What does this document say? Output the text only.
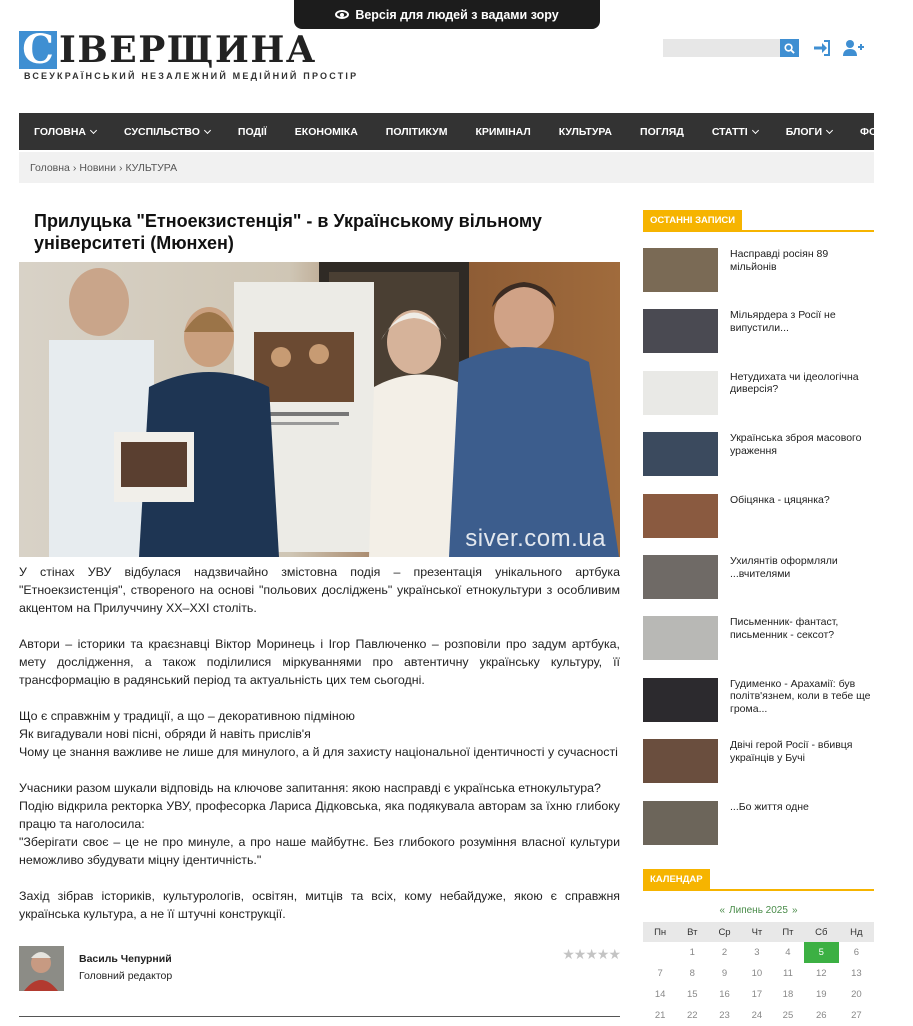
Версія для людей з вадами зору
С ІВЕРЩИНА
ВСЕУКРАЇНСЬКИЙ НЕЗАЛЕЖНИЙ МЕДІЙНИЙ ПРОСТІР
ГОЛОВНА	СУСПІЛЬСТВО	ПОДІЇ	ЕКОНОМІКА	ПОЛІТИКУМ	КРИМІНАЛ	КУЛЬТУРА	ПОГЛЯД	СТАТТІ	БЛОГИ	ФОРУМ
Головна › Новини › КУЛЬТУРА
Прилуцька "Етноекзистенція" - в Українському вільному університеті (Мюнхен)
siver.com.ua

У стінах УВУ відбулася надзвичайно змістовна подія – презентація унікального артбука "Етноекзистенція", створеного на основі "польових досліджень" української етнокультури з особливим акцентом на Прилуччину XX–XXI століть.

Автори – історики та краєзнавці Віктор Моринець і Ігор Павлюченко – розповіли про задум артбука, мету дослідження, а також поділилися міркуваннями про автентичну українську культуру, її трансформацію в радянський період та актуальність цих тем сьогодні.

Що є справжнім у традиції, а що – декоративною підміною
Як вигадували нові пісні, обряди й навіть прислів'я
Чому це знання важливе не лише для минулого, а й для захисту національної ідентичності у сучасності

Учасники разом шукали відповідь на ключове запитання: якою насправді є українська етнокультура?
Подію відкрила ректорка УВУ, професорка Лариса Дідковська, яка подякувала авторам за їхню глибоку працю та наголосила:
"Зберігати своє – це не про минуле, а про наше майбутнє. Без глибокого розуміння власної культури неможливо збудувати міцну ідентичність."

Захід зібрав істориків, культурологів, освітян, митців та всіх, кому небайдуже, якою є справжня українська культура, а не її штучні конструкції.

Василь Чепурний
Головний редактор
★★★★★
ОСТАННІ ЗАПИСИ
Насправді росіян 89 мільйонів
Мільярдера з Росії не випустили...
Нетудихата чи ідеологічна диверсія?
Українська зброя масового ураження
Обіцянка - цяцянка?
Ухилянтів оформляли ...вчителями
Письменник- фантаст, письменник - сексот?
Гудименко - Арахамії: був політв'язнем, коли в тебе ще грома...
Двічі герой Росії - вбивця українців у Бучі
...Бо життя одне
КАЛЕНДАР
« Липень 2025 »
Пн	Вт	Ср	Чт	Пт	Сб	Нд
	1	2	3	4	5	6
7	8	9	10	11	12	13
14	15	16	17	18	19	20
21	22	23	24	25	26	27
